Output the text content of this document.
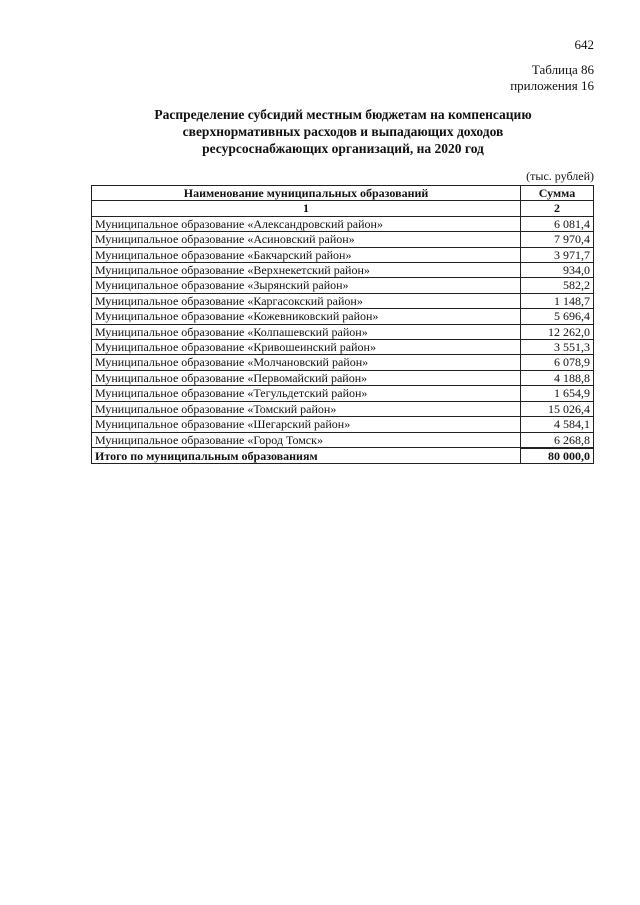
642
Таблица 86
приложения 16
Распределение субсидий местным бюджетам на компенсацию
сверхнормативных расходов и выпадающих доходов
ресурсоснабжающих организаций, на 2020 год
(тыс. рублей)
Наименование муниципальных образований	Сумма
1	2
Муниципальное образование «Александровский район»	6 081,4
Муниципальное образование «Асиновский район»	7 970,4
Муниципальное образование «Бакчарский район»	3 971,7
Муниципальное образование «Верхнекетский район»	934,0
Муниципальное образование «Зырянский район»	582,2
Муниципальное образование «Каргасокский район»	1 148,7
Муниципальное образование «Кожевниковский район»	5 696,4
Муниципальное образование «Колпашевский район»	12 262,0
Муниципальное образование «Кривошеинский район»	3 551,3
Муниципальное образование «Молчановский район»	6 078,9
Муниципальное образование «Первомайский район»	4 188,8
Муниципальное образование «Тегульдетский район»	1 654,9
Муниципальное образование «Томский район»	15 026,4
Муниципальное образование «Шегарский район»	4 584,1
Муниципальное образование «Город Томск»	6 268,8
Итого по муниципальным образованиям	80 000,0
